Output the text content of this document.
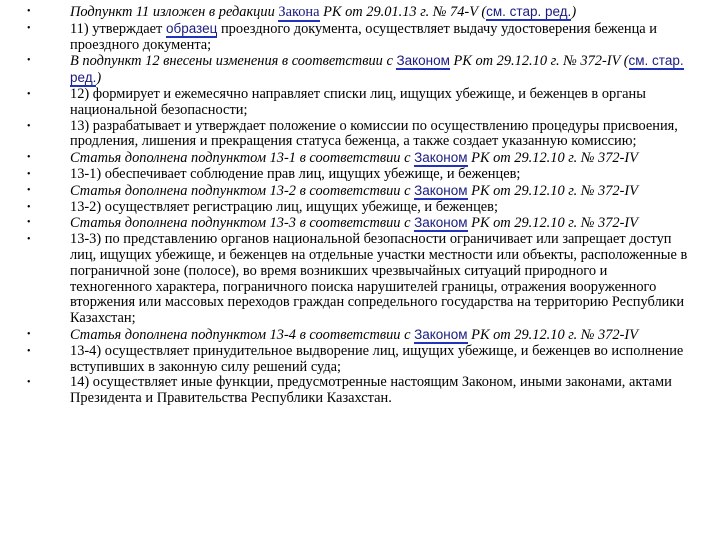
•	Подпункт 11 изложен в редакции Закона РК от 29.01.13 г. № 74-V (см. стар. ред.)
•	11) утверждает образец проездного документа, осуществляет выдачу удостоверения беженца и проездного документа;
•	В подпункт 12 внесены изменения в соответствии с Законом РК от 29.12.10 г. № 372-IV (см. стар. ред.)
•	12) формирует и ежемесячно направляет списки лиц, ищущих убежище, и беженцев в органы национальной безопасности;
•	13) разрабатывает и утверждает положение о комиссии по осуществлению процедуры присвоения, продления, лишения и прекращения статуса беженца, а также создает указанную комиссию;
•	Статья дополнена подпунктом 13-1 в соответствии с Законом РК от 29.12.10 г. № 372-IV
•	13-1) обеспечивает соблюдение прав лиц, ищущих убежище, и беженцев;
•	Статья дополнена подпунктом 13-2 в соответствии с Законом РК от 29.12.10 г. № 372-IV
•	13-2) осуществляет регистрацию лиц, ищущих убежище, и беженцев;
•	Статья дополнена подпунктом 13-3 в соответствии с Законом РК от 29.12.10 г. № 372-IV
•	13-3) по представлению органов национальной безопасности ограничивает или запрещает доступ лиц, ищущих убежище, и беженцев на отдельные участки местности или объекты, расположенные в пограничной зоне (полосе), во время возникших чрезвычайных ситуаций природного и техногенного характера, пограничного поиска нарушителей границы, отражения вооруженного вторжения или массовых переходов граждан сопредельного государства на территорию Республики Казахстан;
•	Статья дополнена подпунктом 13-4 в соответствии с Законом РК от 29.12.10 г. № 372-IV
•	13-4) осуществляет принудительное выдворение лиц, ищущих убежище, и беженцев во исполнение вступивших в законную силу решений суда;
•	14) осуществляет иные функции, предусмотренные настоящим Законом, иными законами, актами Президента и Правительства Республики Казахстан.
